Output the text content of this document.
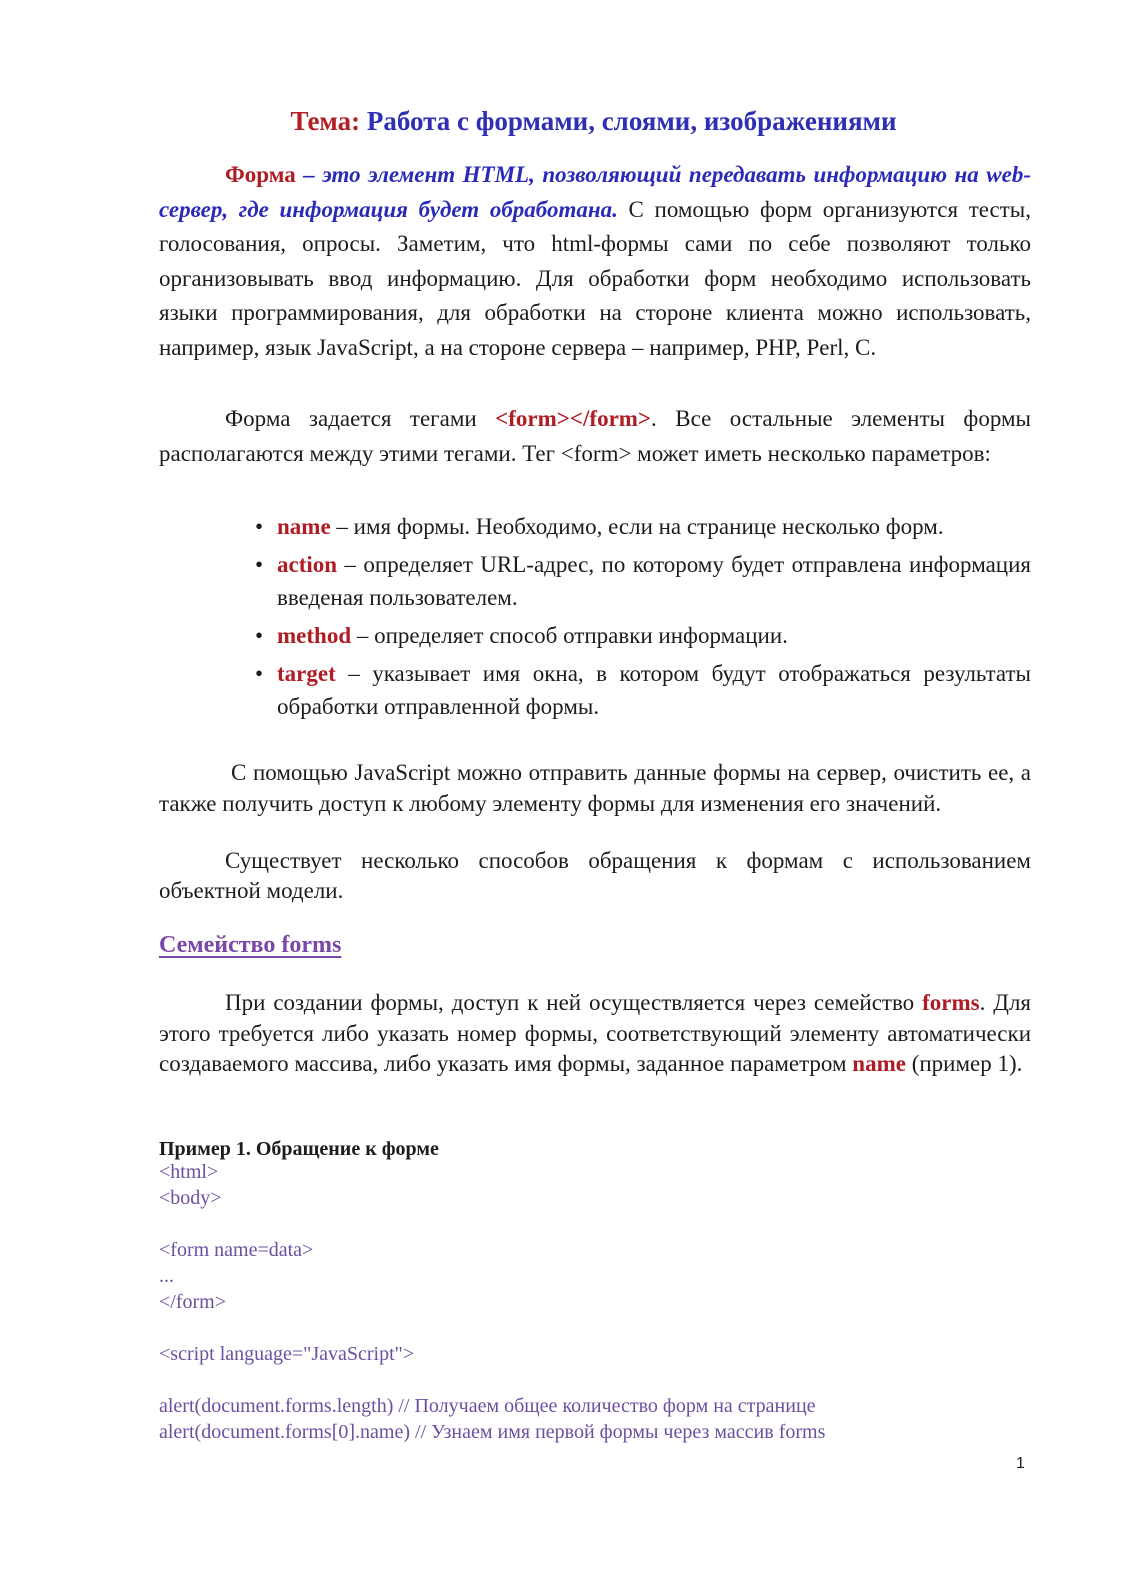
Тема: Работа с формами, слоями, изображениями

Форма – это элемент HTML, позволяющий передавать информацию на web-сервер, где информация будет обработана. С помощью форм организуются тесты, голосования, опросы. Заметим, что html-формы сами по себе позволяют только организовывать ввод информацию. Для обработки форм необходимо использовать языки программирования, для обработки на стороне клиента можно использовать, например, язык JavaScript, а на стороне сервера – например, PHP, Perl, C.

Форма задается тегами <form></form>. Все остальные элементы формы располагаются между этими тегами. Тег <form> может иметь несколько параметров:

• name – имя формы. Необходимо, если на странице несколько форм.

• action – определяет URL-адрес, по которому будет отправлена информация введеная пользователем.

• method – определяет способ отправки информации.

• target – указывает имя окна, в котором будут отображаться результаты обработки отправленной формы.

С помощью JavaScript можно отправить данные формы на сервер, очистить ее, а также получить доступ к любому элементу формы для изменения его значений.

Существует несколько способов обращения к формам с использованием объектной модели.

Семейство forms

При создании формы, доступ к ней осуществляется через семейство forms. Для этого требуется либо указать номер формы, соответствующий элементу автоматически создаваемого массива, либо указать имя формы, заданное параметром name (пример 1).

Пример 1. Обращение к форме
<html>
<body>
<form name=data>
...
</form>
<script language="JavaScript">
alert(document.forms.length) // Получаем общее количество форм на странице
alert(document.forms[0].name) // Узнаем имя первой формы через массив forms
1
